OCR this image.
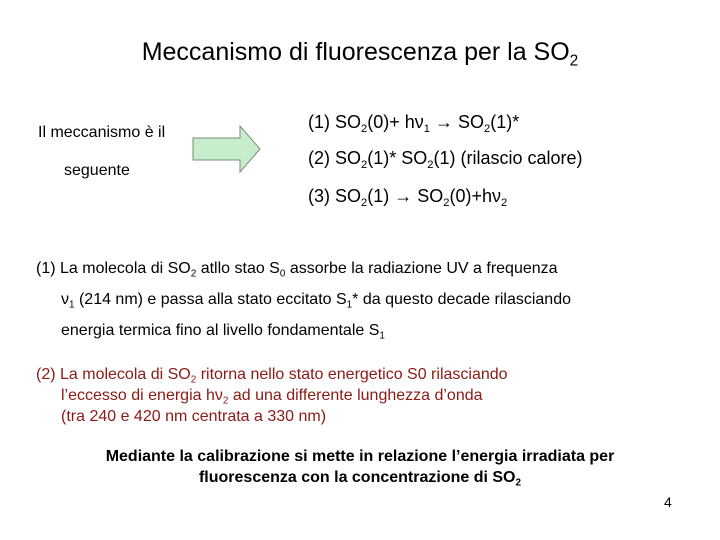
Meccanismo di fluorescenza per la $SO_2$
Il meccanismo è il
seguente
(1) $SO_2(0)+ h\nu_1 \to SO_2(1)*$
(2) $SO_2(1)*$ $SO_2(1)$ (rilascio calore)
(3) $SO_2(1) \to SO_2(0)+h\nu_2$
(1) La molecola di $SO_2$ atllo stao $S_0$ assorbe la radiazione UV a frequenza
$\nu_1$ (214 nm) e passa alla stato eccitato $S_1*$ da questo decade rilasciando
energia termica fino al livello fondamentale $S_1$
(2) La molecola di $SO_2$ ritorna nello stato energetico S0 rilasciando
l’eccesso di energia $h\nu_2$ ad una differente lunghezza d’onda
(tra 240 e 420 nm centrata a 330 nm)
Mediante la calibrazione si mette in relazione l’energia irradiata per
fluorescenza con la concentrazione di $SO_2$
4
